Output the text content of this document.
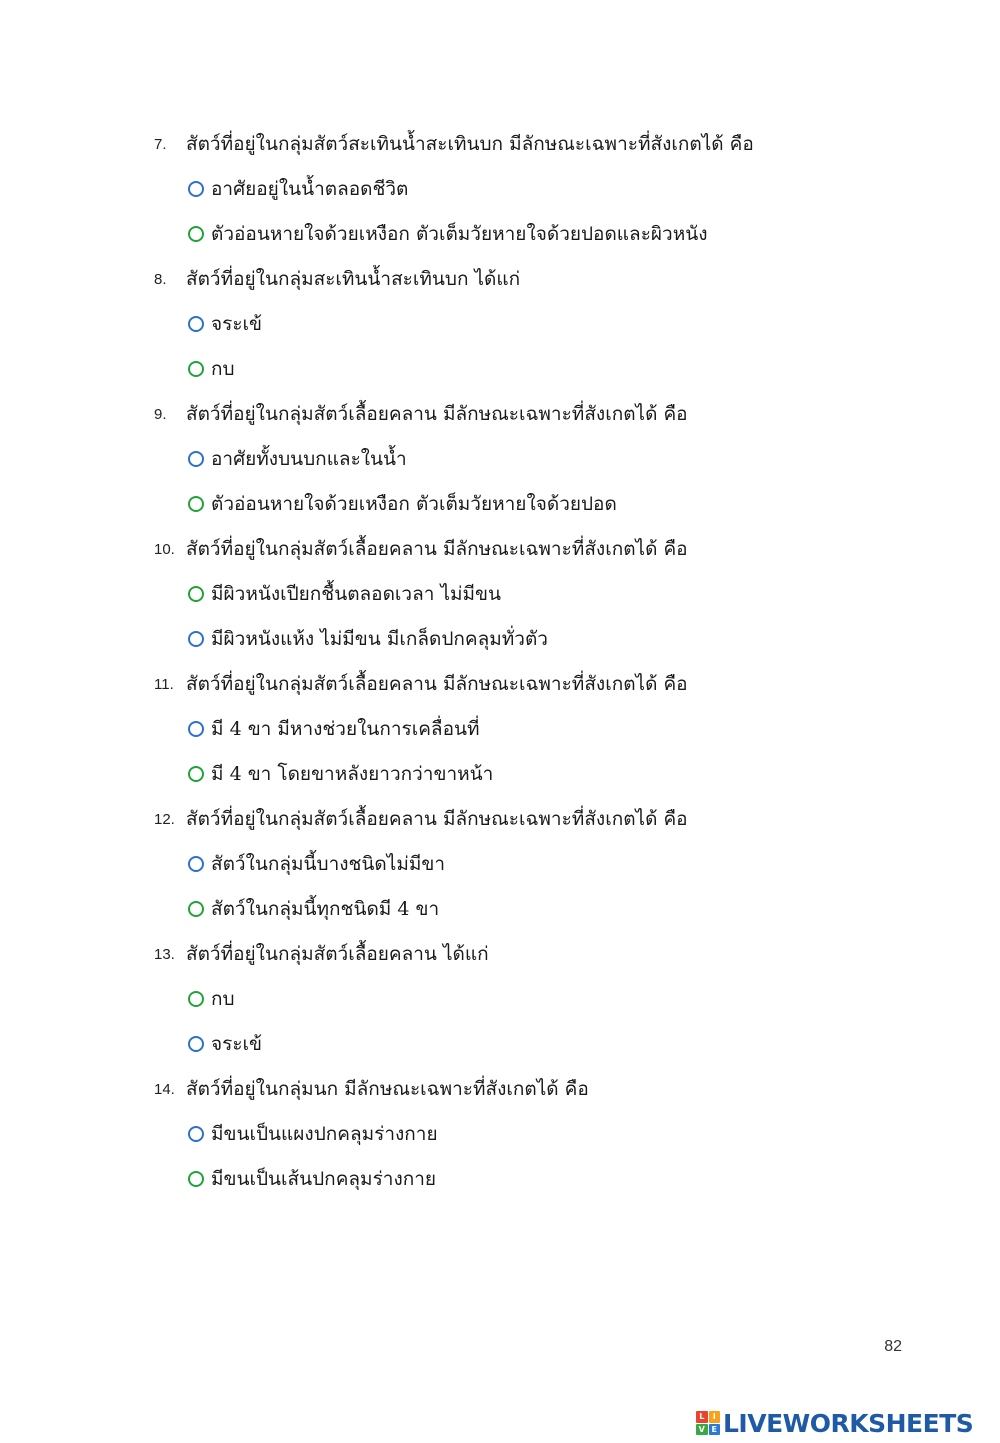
7.	สัตว์ที่อยู่ในกลุ่มสัตว์สะเทินน้ำสะเทินบก มีลักษณะเฉพาะที่สังเกตได้ คือ
อาศัยอยู่ในน้ำตลอดชีวิต
ตัวอ่อนหายใจด้วยเหงือก ตัวเต็มวัยหายใจด้วยปอดและผิวหนัง
8.	สัตว์ที่อยู่ในกลุ่มสะเทินน้ำสะเทินบก ได้แก่
จระเข้
กบ
9.	สัตว์ที่อยู่ในกลุ่มสัตว์เลื้อยคลาน มีลักษณะเฉพาะที่สังเกตได้ คือ
อาศัยทั้งบนบกและในน้ำ
ตัวอ่อนหายใจด้วยเหงือก ตัวเต็มวัยหายใจด้วยปอด
10. สัตว์ที่อยู่ในกลุ่มสัตว์เลื้อยคลาน มีลักษณะเฉพาะที่สังเกตได้ คือ
มีผิวหนังเปียกชื้นตลอดเวลา ไม่มีขน
มีผิวหนังแห้ง ไม่มีขน มีเกล็ดปกคลุมทั่วตัว
11. สัตว์ที่อยู่ในกลุ่มสัตว์เลื้อยคลาน มีลักษณะเฉพาะที่สังเกตได้ คือ
มี 4 ขา มีหางช่วยในการเคลื่อนที่
มี 4 ขา โดยขาหลังยาวกว่าขาหน้า
12. สัตว์ที่อยู่ในกลุ่มสัตว์เลื้อยคลาน มีลักษณะเฉพาะที่สังเกตได้ คือ
สัตว์ในกลุ่มนี้บางชนิดไม่มีขา
สัตว์ในกลุ่มนี้ทุกชนิดมี 4 ขา
13. สัตว์ที่อยู่ในกลุ่มสัตว์เลื้อยคลาน ได้แก่
กบ
จระเข้
14. สัตว์ที่อยู่ในกลุ่มนก มีลักษณะเฉพาะที่สังเกตได้ คือ
มีขนเป็นแผงปกคลุมร่างกาย
มีขนเป็นเส้นปกคลุมร่างกาย
82
L	I
V E LIVEWORKSHEETS
